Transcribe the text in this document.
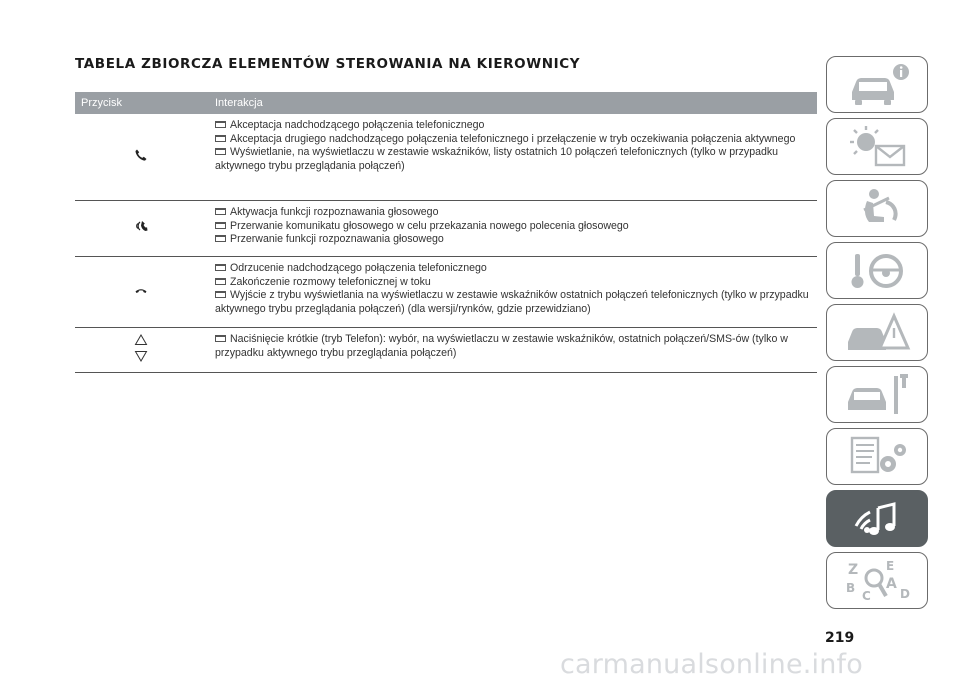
TABELA ZBIORCZA ELEMENTÓW STEROWANIA NA KIEROWNICY
Przycisk	Interakcja
Akceptacja nadchodzącego połączenia telefonicznego
Akceptacja drugiego nadchodzącego połączenia telefonicznego i przełączenie w tryb oczekiwania połączenia aktywnego
Wyświetlanie, na wyświetlaczu w zestawie wskaźników, listy ostatnich 10 połączeń telefonicznych (tylko w przypadku aktywnego trybu przeglądania połączeń)
Aktywacja funkcji rozpoznawania głosowego
Przerwanie komunikatu głosowego w celu przekazania nowego polecenia głosowego
Przerwanie funkcji rozpoznawania głosowego
Odrzucenie nadchodzącego połączenia telefonicznego
Zakończenie rozmowy telefonicznej w toku
Wyjście z trybu wyświetlania na wyświetlaczu w zestawie wskaźników ostatnich połączeń telefonicznych (tylko w przypadku aktywnego trybu przeglądania połączeń) (dla wersji/rynków, gdzie przewidziano)
Naciśnięcie krótkie (tryb Telefon): wybór, na wyświetlaczu w zestawie wskaźników, ostatnich połączeń/SMS-ów (tylko w przypadku aktywnego trybu przeglądania połączeń)
Z E
B A
C D
219
carmanualsonline.info
